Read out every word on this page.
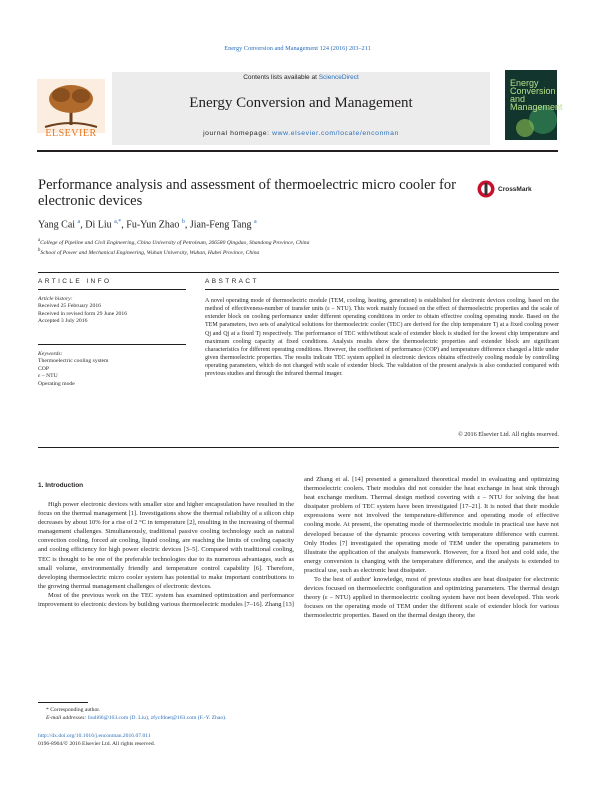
Energy Conversion and Management 124 (2016) 203–211
Contents lists available at ScienceDirect
Energy Conversion and Management
journal homepage: www.elsevier.com/locate/enconman
ELSEVIER
Energy Conversion and Management
Performance analysis and assessment of thermoelectric micro cooler for electronic devices
CrossMark
Yang Cai $^a$, Di Liu $^{a,*}$, Fu-Yun Zhao $^b$, Jian-Feng Tang $^a$
$^a$College of Pipeline and Civil Engineering, China University of Petroleum, 266580 Qingdao, Shandong Province, China
$^b$School of Power and Mechanical Engineering, Wuhan University, Wuhan, Hubei Province, China
ARTICLE INFO	ABSTRACT
Article history:
Received 25 February 2016
Received in revised form 29 June 2016
Accepted 3 July 2016
Keywords:
Thermoelectric cooling system
COP
ε – NTU
Operating mode
A novel operating mode of thermoelectric module (TEM, cooling, heating, generation) is established for electronic devices cooling, based on the method of effectiveness-number of transfer units (ε – NTU). This work mainly focused on the effect of thermoelectric properties and the scale of extender block on cooling performance under different operating conditions in order to obtain effective cooling operating mode. Based on the TEM parameters, two sets of analytical solutions for thermoelectric cooler (TEC) are derived for the chip temperature Tj at a fixed cooling power Qj and Qj at a fixed Tj respectively. The performance of TEC with/without scale of extender block is studied for the lowest chip temperature and maximum cooling capacity at fixed conditions. Analysis results show the thermoelectric properties and extender block are significant characteristics for different operating conditions. However, the coefficient of performance (COP) and temperature difference changed a little under given thermoelectric properties. The results indicate TEC system applied in electronic devices obtains effectively cooling module by controlling operating parameters, which do not changed with scale of extender block. The validation of the present analysis is also conducted compared with previous studies and through the infrared thermal imager.
© 2016 Elsevier Ltd. All rights reserved.
1. Introduction

High power electronic devices with smaller size and higher encapsulation have resulted in the focus on the thermal management [1]. Investigations show the thermal reliability of a silicon chip decreases by about 10% for a rise of 2 °C in temperature [2], resulting in the increasing of thermal management challenges. Simultaneously, traditional passive cooling technology such as natural convection cooling, forced air cooling, liquid cooling, are reaching the limits of cooling capacity and cooling efficiency for high power electric devices [3–5]. Compared with traditional cooling, TEC is thought to be one of the preferable technologies due to its numerous advantages, such as small volume, environmentally friendly and temperature control capability [6]. Therefore, developing thermoelectric micro cooler system has potential to make important contributions to the growing thermal management challenges of electronic devices.

Most of the previous work on the TEC system has examined optimization and performance improvement to electronic devices by building various thermoelectric modules [7–16]. Zhang [13]

and Zhang et al. [14] presented a generalized theoretical model in evaluating and optimizing thermoelectric coolers. Their modules did not consider the heat exchange in heat sink through heat exchange medium. Thermal design method covering with ε – NTU for solving the heat dissipater problem of TEC system have been investigated [17–21]. It is noted that their module expressions were not involved the temperature-difference and operating mode of effective cooling mode. At present, the operating mode of thermoelectric module in practical use have not developed because of the dynamic process covering with temperature difference with current. Only Hodes [7] investigated the operating mode of TEM under the operating parameters to illustrate the application of the analysis framework. However, for a fixed hot and cold side, the energy conversion is changing with the temperature difference, and the analysis is extended to practical use, such as electronic heat dissipater.

To the best of author' knowledge, most of previous studies are heat dissipater for electronic devices focused on thermoelectric configuration and optimizing parameters. The thermal design theory (ε – NTU) applied in thermoelectric cooling system have not been developed. This work focuses on the operating mode of TEM under the different scale of extender block for various thermoelectric properties. Based on the thermal design theory, the

* Corresponding author.
E-mail addresses: liudi66@163.com (D. Liu), zfycfdnet@163.com (F.-Y. Zhao).
http://dx.doi.org/10.1016/j.enconman.2016.07.011
0196-8904/© 2016 Elsevier Ltd. All rights reserved.
